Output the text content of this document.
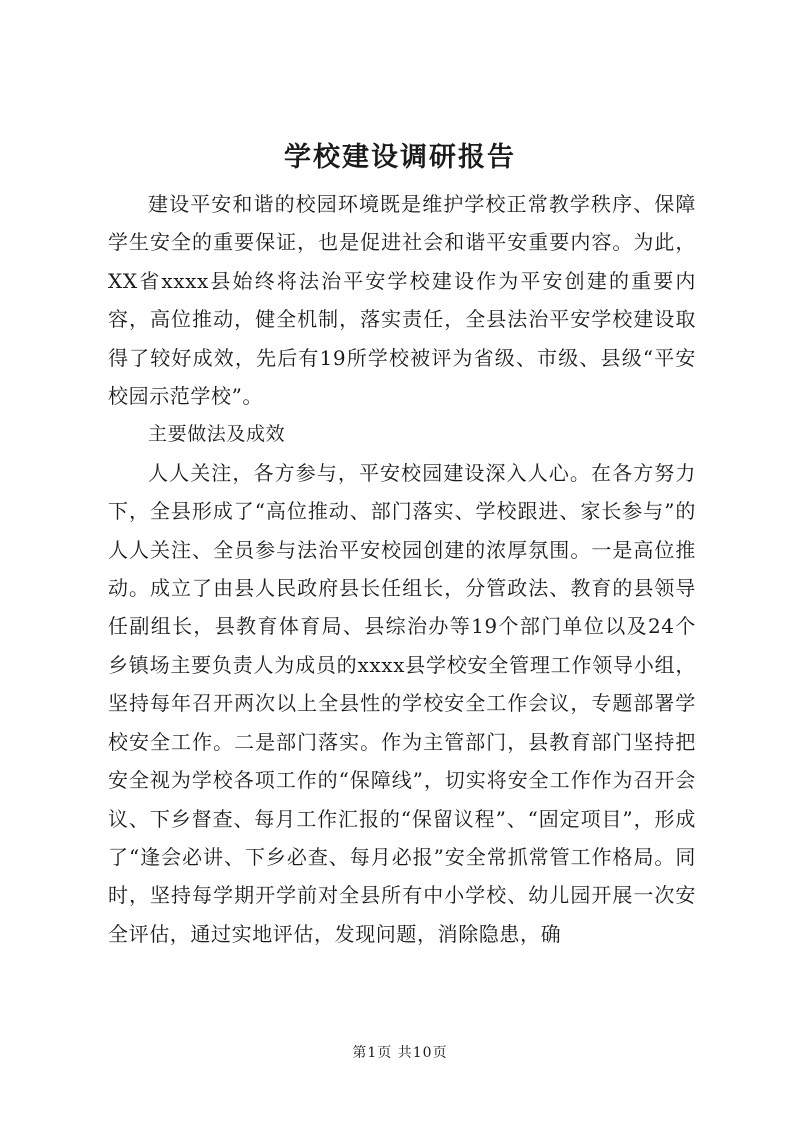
学校建设调研报告

建设平安和谐的校园环境既是维护学校正常教学秩序、保障学生安全的重要保证，也是促进社会和谐平安重要内容。为此，XX省xxxx县始终将法治平安学校建设作为平安创建的重要内容，高位推动，健全机制，落实责任，全县法治平安学校建设取得了较好成效，先后有19所学校被评为省级、市级、县级“平安校园示范学校”。

主要做法及成效

人人关注，各方参与，平安校园建设深入人心。在各方努力下，全县形成了“高位推动、部门落实、学校跟进、家长参与”的人人关注、全员参与法治平安校园创建的浓厚氛围。一是高位推动。成立了由县人民政府县长任组长，分管政法、教育的县领导任副组长，县教育体育局、县综治办等19个部门单位以及24个乡镇场主要负责人为成员的xxxx县学校安全管理工作领导小组，坚持每年召开两次以上全县性的学校安全工作会议，专题部署学校安全工作。二是部门落实。作为主管部门，县教育部门坚持把安全视为学校各项工作的“保障线”，切实将安全工作作为召开会议、下乡督查、每月工作汇报的“保留议程”、“固定项目”，形成了“逢会必讲、下乡必查、每月必报”安全常抓常管工作格局。同时，坚持每学期开学前对全县所有中小学校、幼儿园开展一次安全评估，通过实地评估，发现问题，消除隐患，确

第1页 共10页
